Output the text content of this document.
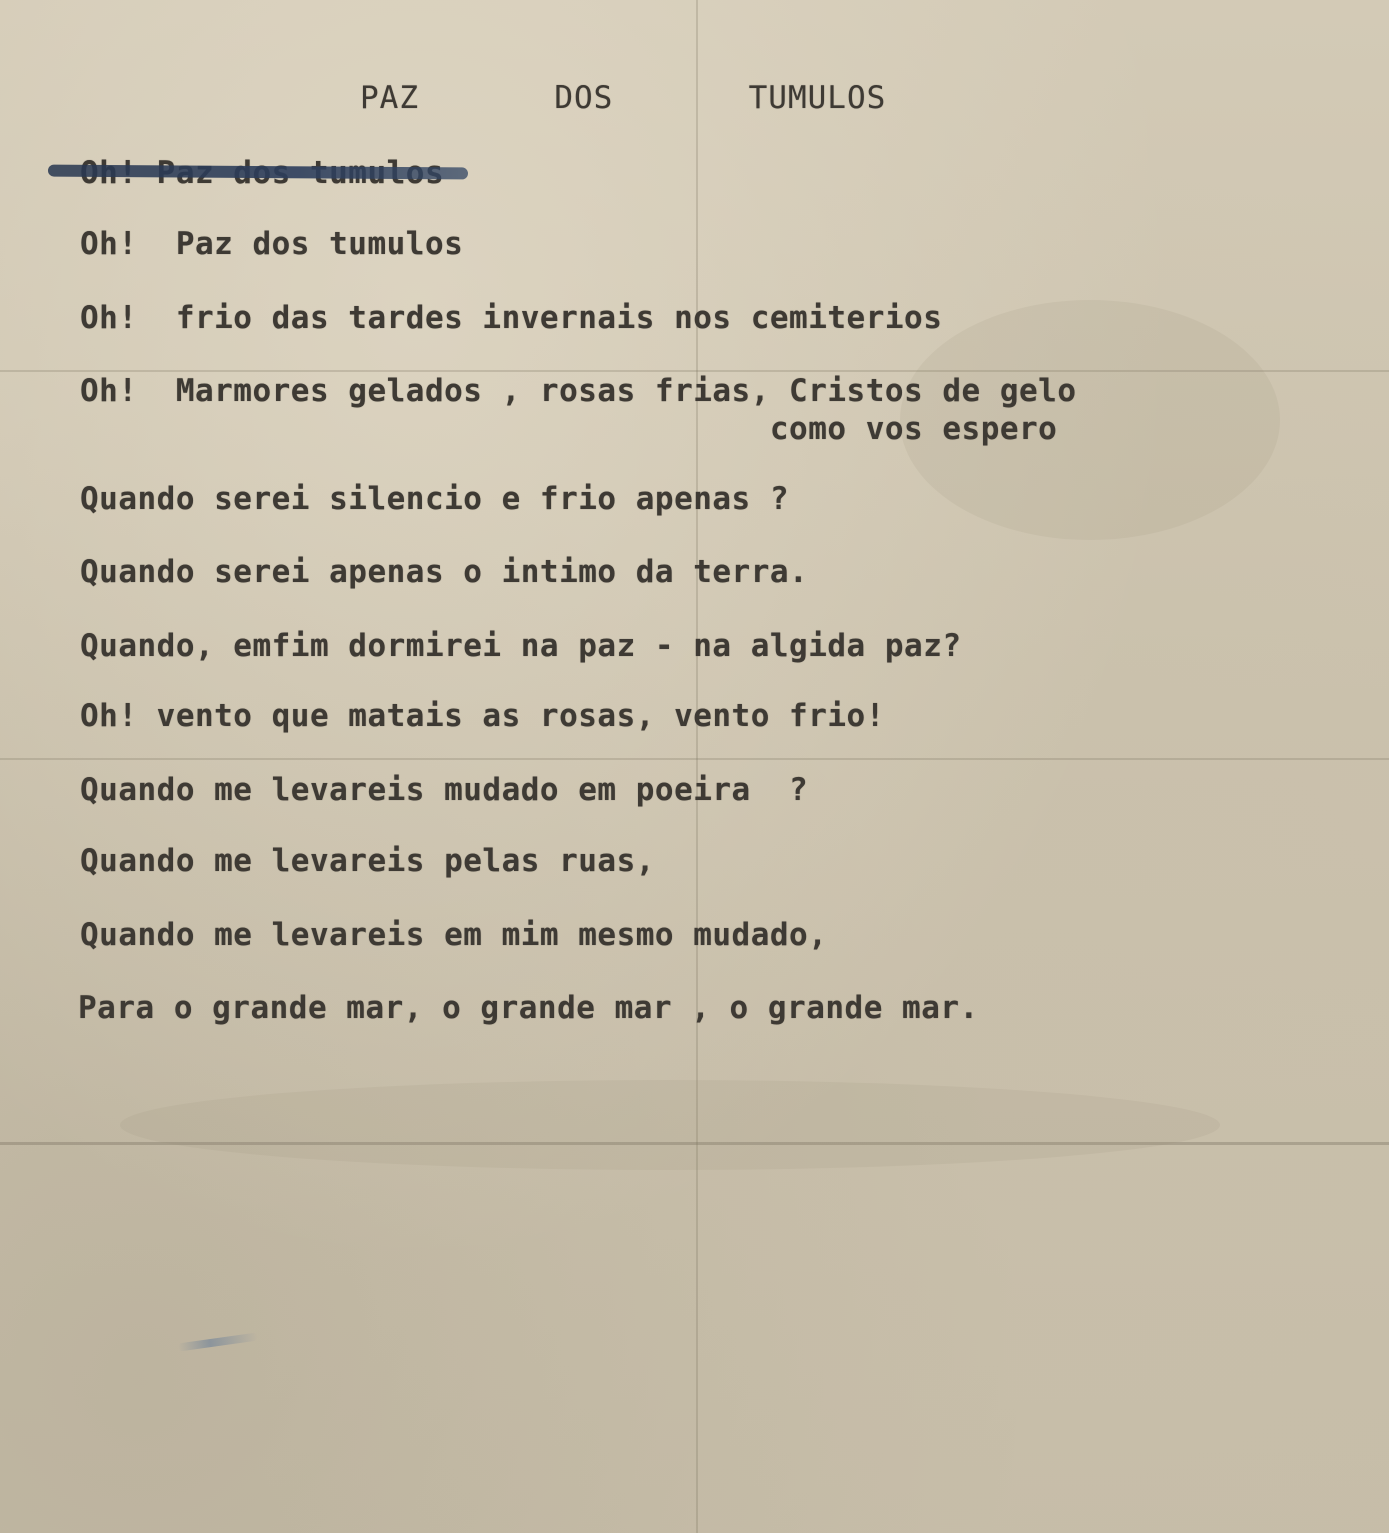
PAZ  DOS  TUMULOS
Oh!  Paz dos tumulos
Oh!  frio das tardes invernais nos cemiterios
Oh!  Marmores gelados , rosas frias, Cristos de gelo
como vos espero
Quando serei silencio e frio apenas ?
Quando serei apenas o intimo da terra.
Quando, emfim dormirei na paz - na algida paz?
Oh! vento que matais as rosas, vento frio!
Quando me levareis mudado em poeira  ?
Quando me levareis pelas ruas,
Quando me levareis em mim mesmo mudado,
Para o grande mar, o grande mar , o grande mar.
